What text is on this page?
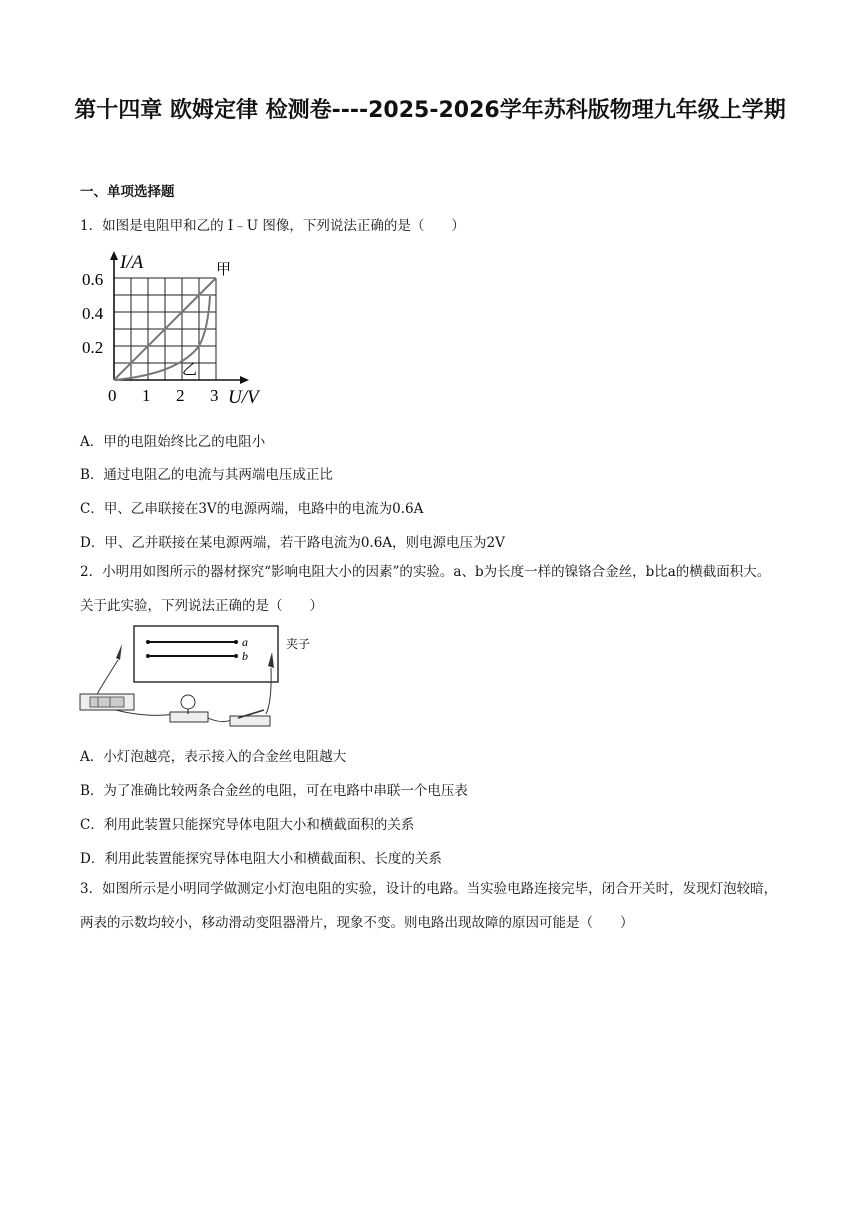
第十四章 欧姆定律 检测卷----2025-2026学年苏科版物理九年级上学期
一、单项选择题
1．如图是电阻甲和乙的 I﹣U 图像，下列说法正确的是（　　）
I/A
0.6
0.4
0.2
0 1 2 3 U/V
甲
乙
A．甲的电阻始终比乙的电阻小
B．通过电阻乙的电流与其两端电压成正比
C．甲、乙串联接在3V的电源两端，电路中的电流为0.6A
D．甲、乙并联接在某电源两端，若干路电流为0.6A，则电源电压为2V
2．小明用如图所示的器材探究“影响电阻大小的因素”的实验。a、b为长度一样的镍铬合金丝，b比a的横截面积大。关于此实验，下列说法正确的是（　　）
a
b
夹子
A．小灯泡越亮，表示接入的合金丝电阻越大
B．为了准确比较两条合金丝的电阻，可在电路中串联一个电压表
C．利用此装置只能探究导体电阻大小和横截面积的关系
D．利用此装置能探究导体电阻大小和横截面积、长度的关系
3．如图所示是小明同学做测定小灯泡电阻的实验，设计的电路。当实验电路连接完毕，闭合开关时，发现灯泡较暗，两表的示数均较小，移动滑动变阻器滑片，现象不变。则电路出现故障的原因可能是（　　）
